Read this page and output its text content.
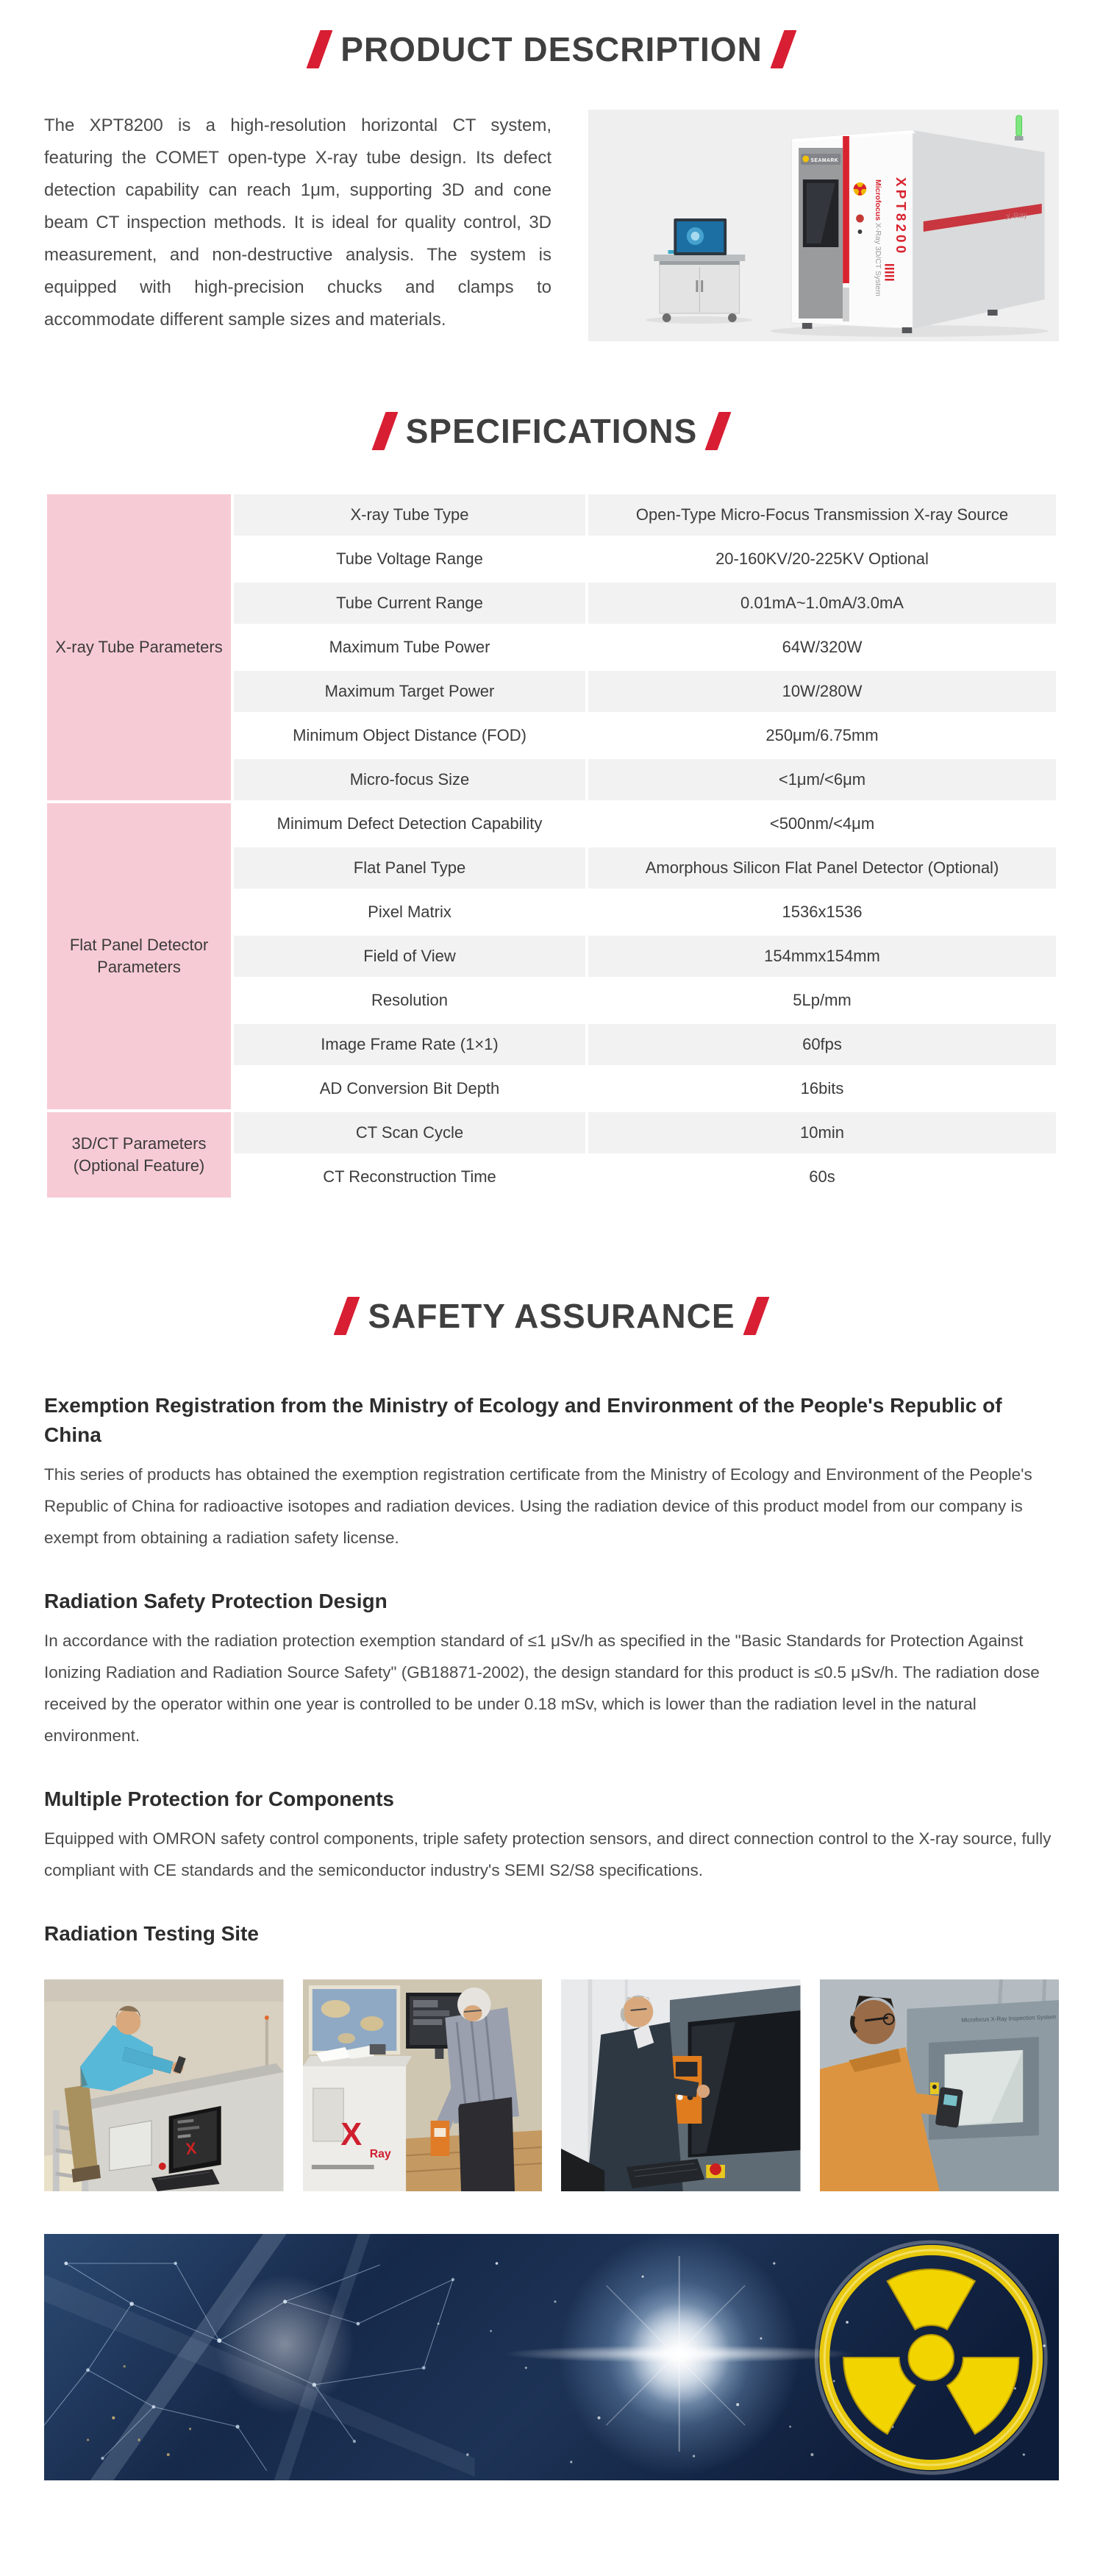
PRODUCT DESCRIPTION

The XPT8200 is a high-resolution horizontal CT system, featuring the COMET open-type X-ray tube design. Its defect detection capability can reach 1μm, supporting 3D and cone beam CT inspection methods. It is ideal for quality control, 3D measurement, and non-destructive analysis. The system is equipped with high-precision chucks and clamps to accommodate different sample sizes and materials.

X-Ray
SEAMARK
Microfocus X-Ray 3D/CT System
XPT8200
SPECIFICATIONS
X-ray Tube Parameters	X-ray Tube Type	Open-Type Micro-Focus Transmission X-ray Source
	Tube Voltage Range	20-160KV/20-225KV Optional
	Tube Current Range	0.01mA~1.0mA/3.0mA
	Maximum Tube Power	64W/320W
	Maximum Target Power	10W/280W
	Minimum Object Distance (FOD)	250μm/6.75mm
	Micro-focus Size	<1μm/<6μm
Flat Panel Detector Parameters	Minimum Defect Detection Capability	<500nm/<4μm
	Flat Panel Type	Amorphous Silicon Flat Panel Detector (Optional)
	Pixel Matrix	1536x1536
	Field of View	154mmx154mm
	Resolution	5Lp/mm
	Image Frame Rate (1×1)	60fps
	AD Conversion Bit Depth	16bits
3D/CT Parameters (Optional Feature)	CT Scan Cycle	10min
	CT Reconstruction Time	60s
SAFETY ASSURANCE
Exemption Registration from the Ministry of Ecology and Environment of the People's Republic of China

This series of products has obtained the exemption registration certificate from the Ministry of Ecology and Environment of the People's Republic of China for radioactive isotopes and radiation devices. Using the radiation device of this product model from our company is exempt from obtaining a radiation safety license.

Radiation Safety Protection Design

In accordance with the radiation protection exemption standard of ≤1 μSv/h as specified in the "Basic Standards for Protection Against Ionizing Radiation and Radiation Source Safety" (GB18871-2002), the design standard for this product is ≤0.5 μSv/h. The radiation dose received by the operator within one year is controlled to be under 0.18 mSv, which is lower than the radiation level in the natural environment.

Multiple Protection for Components

Equipped with OMRON safety control components, triple safety protection sensors, and direct connection control to the X-ray source, fully compliant with CE standards and the semiconductor industry's SEMI S2/S8 specifications.

Radiation Testing Site
X	X
Ray
Microfocus X-Ray Inspection System
